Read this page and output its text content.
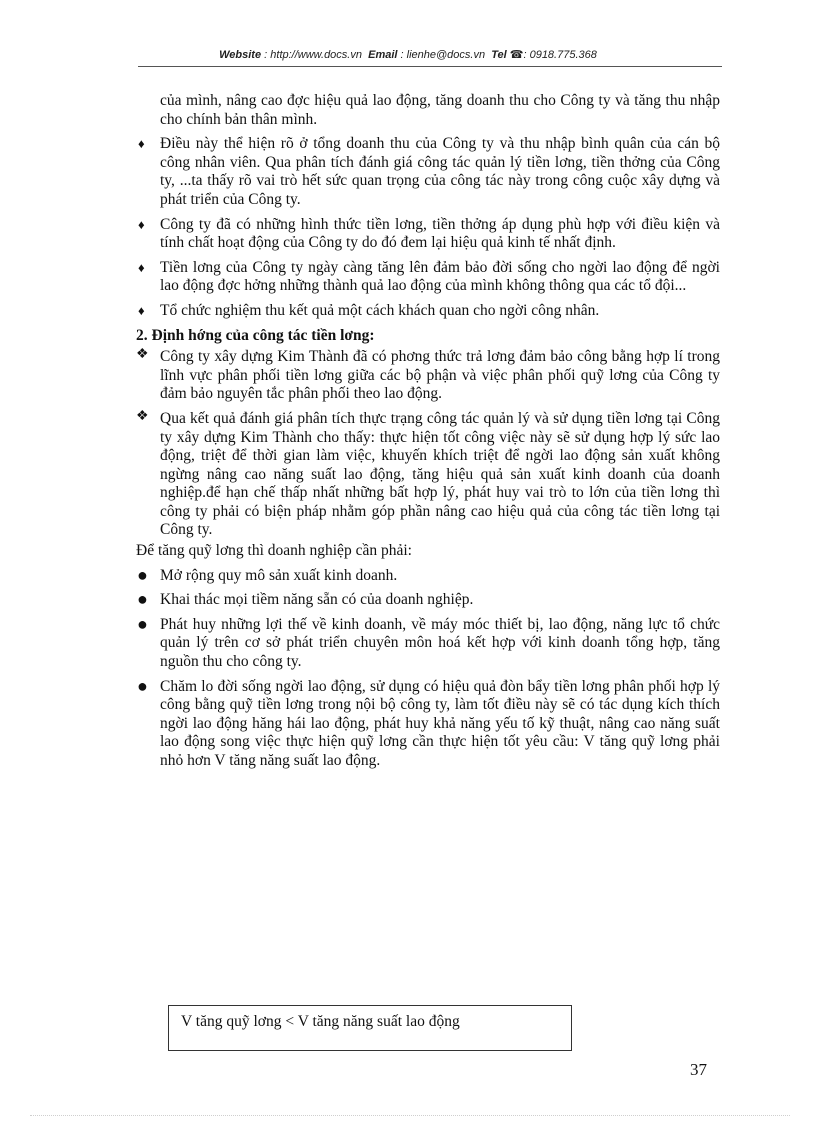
Website : http://www.docs.vn Email : lienhe@docs.vn Tel ☎: 0918.775.368
của mình, nâng cao đợc hiệu quả lao động, tăng doanh thu cho Công ty và tăng thu nhập cho chính bản thân mình.
♦ Điều này thể hiện rõ ở tổng doanh thu của Công ty và thu nhập bình quân của cán bộ công nhân viên. Qua phân tích đánh giá công tác quản lý tiền lơng, tiền thởng của Công ty, ...ta thấy rõ vai trò hết sức quan trọng của công tác này trong công cuộc xây dựng và phát triển của Công ty.
♦ Công ty đã có những hình thức tiền lơng, tiền thởng áp dụng phù hợp với điều kiện và tính chất hoạt động của Công ty do đó đem lại hiệu quả kinh tế nhất định.
♦ Tiền lơng của Công ty ngày càng tăng lên đảm bảo đời sống cho ngời lao động để ngời lao động đợc hởng những thành quả lao động của mình không thông qua các tổ đội...
♦ Tổ chức nghiệm thu kết quả một cách khách quan cho ngời công nhân.
2. Định hớng của công tác tiền lơng:
❖ Công ty xây dựng Kim Thành đã có phơng thức trả lơng đảm bảo công bằng hợp lí trong lĩnh vực phân phối tiền lơng giữa các bộ phận và việc phân phối quỹ lơng của Công ty đảm bảo nguyên tắc phân phối theo lao động.
❖ Qua kết quả đánh giá phân tích thực trạng công tác quản lý và sử dụng tiền lơng tại Công ty xây dựng Kim Thành cho thấy: thực hiện tốt công việc này sẽ sử dụng hợp lý sức lao động, triệt để thời gian làm việc, khuyến khích triệt để ngời lao động sản xuất không ngừng nâng cao năng suất lao động, tăng hiệu quả sản xuất kinh doanh của doanh nghiệp.để hạn chế thấp nhất những bất hợp lý, phát huy vai trò to lớn của tiền lơng thì công ty phải có biện pháp nhằm góp phần nâng cao hiệu quả của công tác tiền lơng tại Công ty.
Để tăng quỹ lơng thì doanh nghiệp cần phải:
● Mở rộng quy mô sản xuất kinh doanh.
● Khai thác mọi tiềm năng sẵn có của doanh nghiệp.
● Phát huy những lợi thế về kinh doanh, về máy móc thiết bị, lao động, năng lực tổ chức quản lý trên cơ sở phát triển chuyên môn hoá kết hợp với kinh doanh tổng hợp, tăng nguồn thu cho công ty.
● Chăm lo đời sống ngời lao động, sử dụng có hiệu quả đòn bẩy tiền lơng phân phối hợp lý công bằng quỹ tiền lơng trong nội bộ công ty, làm tốt điều này sẽ có tác dụng kích thích ngời lao động hăng hái lao động, phát huy khả năng yếu tố kỹ thuật, nâng cao năng suất lao động song việc thực hiện quỹ lơng cần thực hiện tốt yêu cầu: V tăng quỹ lơng phải nhỏ hơn V tăng năng suất lao động.
V tăng quỹ lơng < V tăng năng suất lao động
37
